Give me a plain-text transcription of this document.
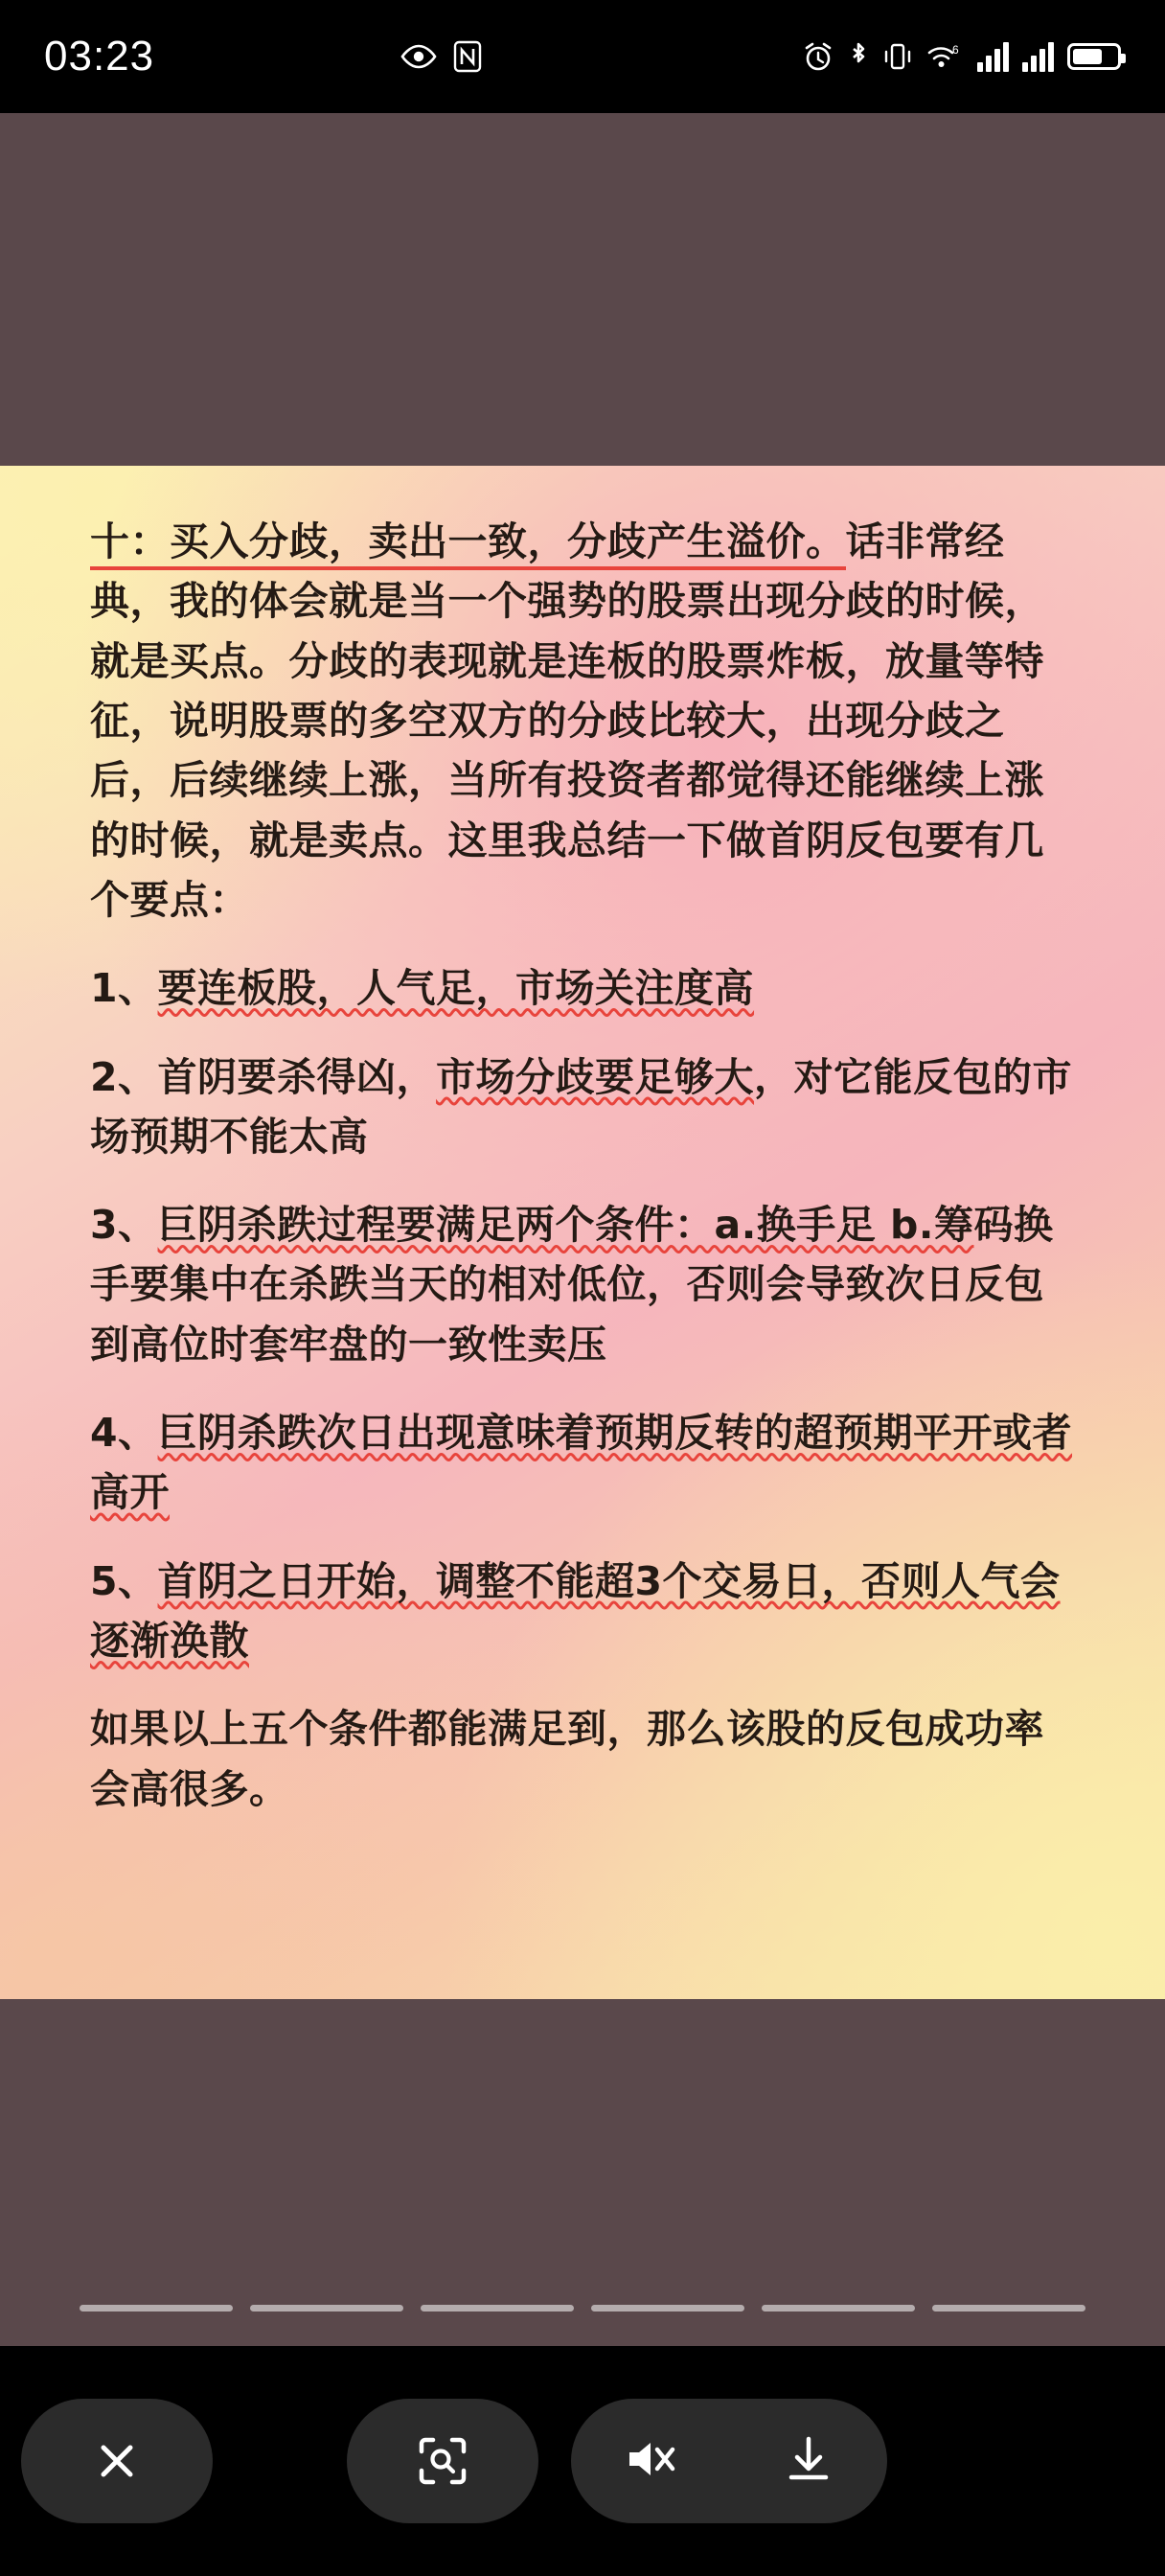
03:23	6

十：买入分歧，卖出一致，分歧产生溢价。话非常经典，我的体会就是当一个强势的股票出现分歧的时候，就是买点。分歧的表现就是连板的股票炸板，放量等特征，说明股票的多空双方的分歧比较大，出现分歧之后，后续继续上涨，当所有投资者都觉得还能继续上涨的时候，就是卖点。这里我总结一下做首阴反包要有几个要点：

1、要连板股，人气足，市场关注度高

2、首阴要杀得凶，市场分歧要足够大，对它能反包的市场预期不能太高

3、巨阴杀跌过程要满足两个条件：a.换手足 b.筹码换手要集中在杀跌当天的相对低位，否则会导致次日反包到高位时套牢盘的一致性卖压

4、巨阴杀跌次日出现意味着预期反转的超预期平开或者高开

5、首阴之日开始，调整不能超3个交易日，否则人气会逐渐涣散

如果以上五个条件都能满足到，那么该股的反包成功率会高很多。
